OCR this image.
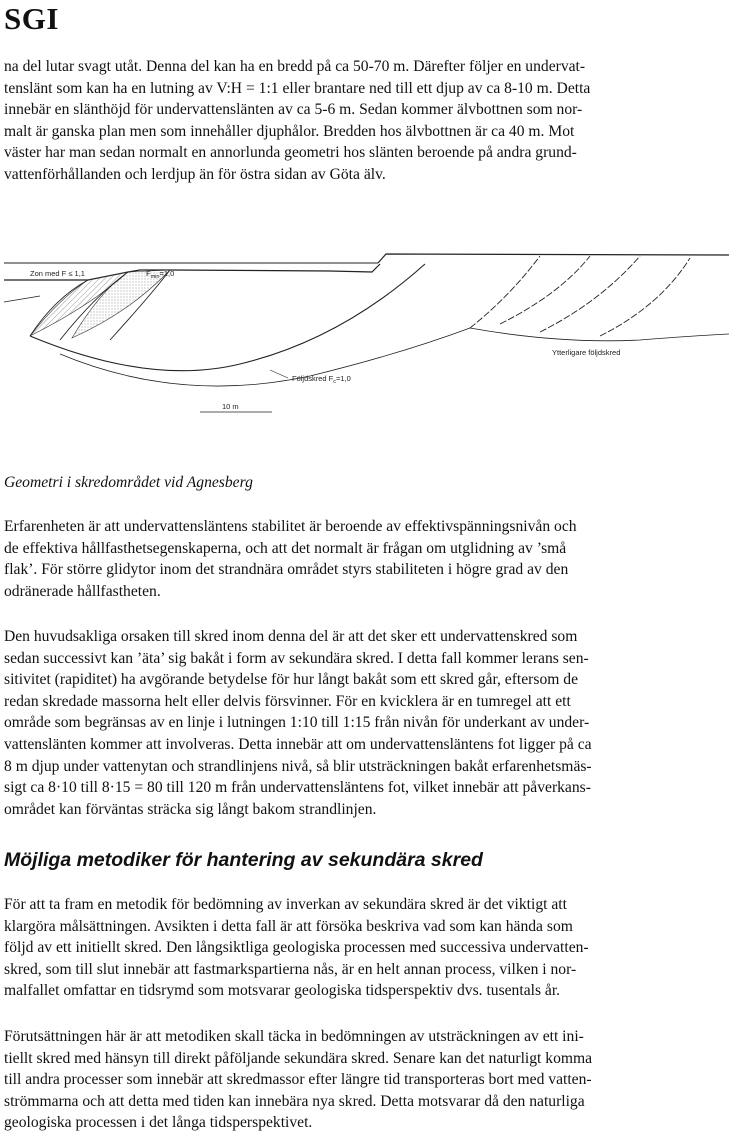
SGI

na del lutar svagt utåt. Denna del kan ha en bredd på ca 50-70 m. Därefter följer en undervat-
tenslänt som kan ha en lutning av V:H = 1:1 eller brantare ned till ett djup av ca 8-10 m. Detta
innebär en slänthöjd för undervattenslänten av ca 5-6 m. Sedan kommer älvbottnen som nor-
malt är ganska plan men som innehåller djuphålor. Bredden hos älvbottnen är ca 40 m. Mot
väster har man sedan normalt en annorlunda geometri hos slänten beroende på andra grund-
vattenförhållanden och lerdjup än för östra sidan av Göta älv.

Zon med F ≤ 1,1	$F_{min}=1,0$
Följdskred $F_c=1,0$
Ytterligare följdskred
10 m

Geometri i skredområdet vid Agnesberg

Erfarenheten är att undervattensläntens stabilitet är beroende av effektivspänningsnivån och
de effektiva hållfasthetsegenskaperna, och att det normalt är frågan om utglidning av ’små
flak’. För större glidytor inom det strandnära området styrs stabiliteten i högre grad av den
odränerade hållfastheten.

Den huvudsakliga orsaken till skred inom denna del är att det sker ett undervattenskred som
sedan successivt kan ’äta’ sig bakåt i form av sekundära skred. I detta fall kommer lerans sen-
sitivitet (rapiditet) ha avgörande betydelse för hur långt bakåt som ett skred går, eftersom de
redan skredade massorna helt eller delvis försvinner. För en kvicklera är en tumregel att ett
område som begränsas av en linje i lutningen 1:10 till 1:15 från nivån för underkant av under-
vattenslänten kommer att involveras. Detta innebär att om undervattensläntens fot ligger på ca
8 m djup under vattenytan och strandlinjens nivå, så blir utsträckningen bakåt erfarenhetsmäs-
sigt ca 8·10 till 8·15 = 80 till 120 m från undervattensläntens fot, vilket innebär att påverkans-
området kan förväntas sträcka sig långt bakom strandlinjen.

Möjliga metodiker för hantering av sekundära skred

För att ta fram en metodik för bedömning av inverkan av sekundära skred är det viktigt att
klargöra målsättningen. Avsikten i detta fall är att försöka beskriva vad som kan hända som
följd av ett initiellt skred. Den långsiktliga geologiska processen med successiva undervatten-
skred, som till slut innebär att fastmarkspartierna nås, är en helt annan process, vilken i nor-
malfallet omfattar en tidsrymd som motsvarar geologiska tidsperspektiv dvs. tusentals år.

Förutsättningen här är att metodiken skall täcka in bedömningen av utsträckningen av ett ini-
tiellt skred med hänsyn till direkt påföljande sekundära skred. Senare kan det naturligt komma
till andra processer som innebär att skredmassor efter längre tid transporteras bort med vatten-
strömmarna och att detta med tiden kan innebära nya skred. Detta motsvarar då den naturliga
geologiska processen i det långa tidsperspektivet.
